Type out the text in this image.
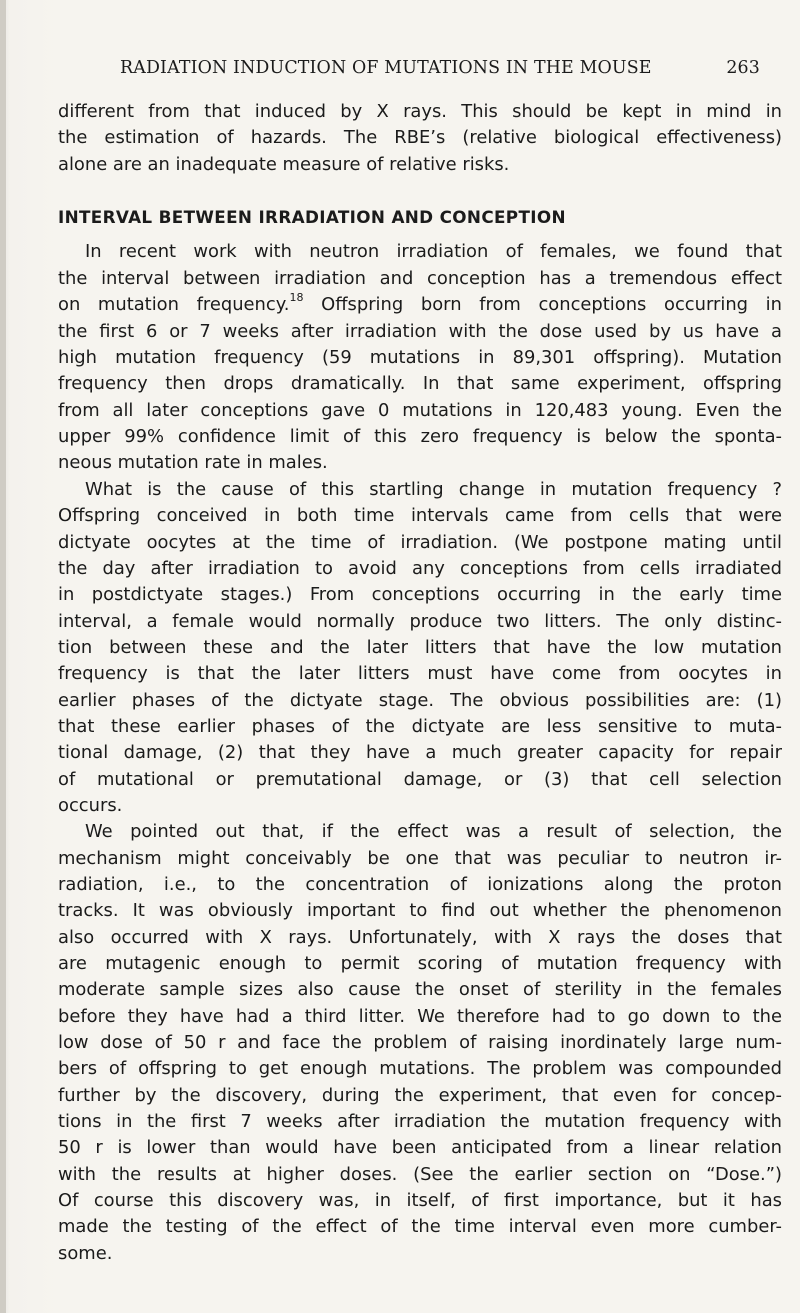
RADIATION INDUCTION OF MUTATIONS IN THE MOUSE	263
different from that induced by X rays. This should be kept in mind in
the estimation of hazards. The RBE’s (relative biological effectiveness)
alone are an inadequate measure of relative risks.
INTERVAL BETWEEN IRRADIATION AND CONCEPTION
In recent work with neutron irradiation of females, we found that
the interval between irradiation and conception has a tremendous effect
on mutation frequency.$^{18}$ Offspring born from conceptions occurring in
the first 6 or 7 weeks after irradiation with the dose used by us have a
high mutation frequency (59 mutations in 89,301 offspring). Mutation
frequency then drops dramatically. In that same experiment, offspring
from all later conceptions gave 0 mutations in 120,483 young. Even the
upper 99% confidence limit of this zero frequency is below the sponta-
neous mutation rate in males.
What is the cause of this startling change in mutation frequency ?
Offspring conceived in both time intervals came from cells that were
dictyate oocytes at the time of irradiation. (We postpone mating until
the day after irradiation to avoid any conceptions from cells irradiated
in postdictyate stages.) From conceptions occurring in the early time
interval, a female would normally produce two litters. The only distinc-
tion between these and the later litters that have the low mutation
frequency is that the later litters must have come from oocytes in
earlier phases of the dictyate stage. The obvious possibilities are: (1)
that these earlier phases of the dictyate are less sensitive to muta-
tional damage, (2) that they have a much greater capacity for repair
of mutational or premutational damage, or (3) that cell selection
occurs.
We pointed out that, if the effect was a result of selection, the
mechanism might conceivably be one that was peculiar to neutron ir-
radiation, i.e., to the concentration of ionizations along the proton
tracks. It was obviously important to find out whether the phenomenon
also occurred with X rays. Unfortunately, with X rays the doses that
are mutagenic enough to permit scoring of mutation frequency with
moderate sample sizes also cause the onset of sterility in the females
before they have had a third litter. We therefore had to go down to the
low dose of 50 r and face the problem of raising inordinately large num-
bers of offspring to get enough mutations. The problem was compounded
further by the discovery, during the experiment, that even for concep-
tions in the first 7 weeks after irradiation the mutation frequency with
50 r is lower than would have been anticipated from a linear relation
with the results at higher doses. (See the earlier section on “Dose.”)
Of course this discovery was, in itself, of first importance, but it has
made the testing of the effect of the time interval even more cumber-
some.
